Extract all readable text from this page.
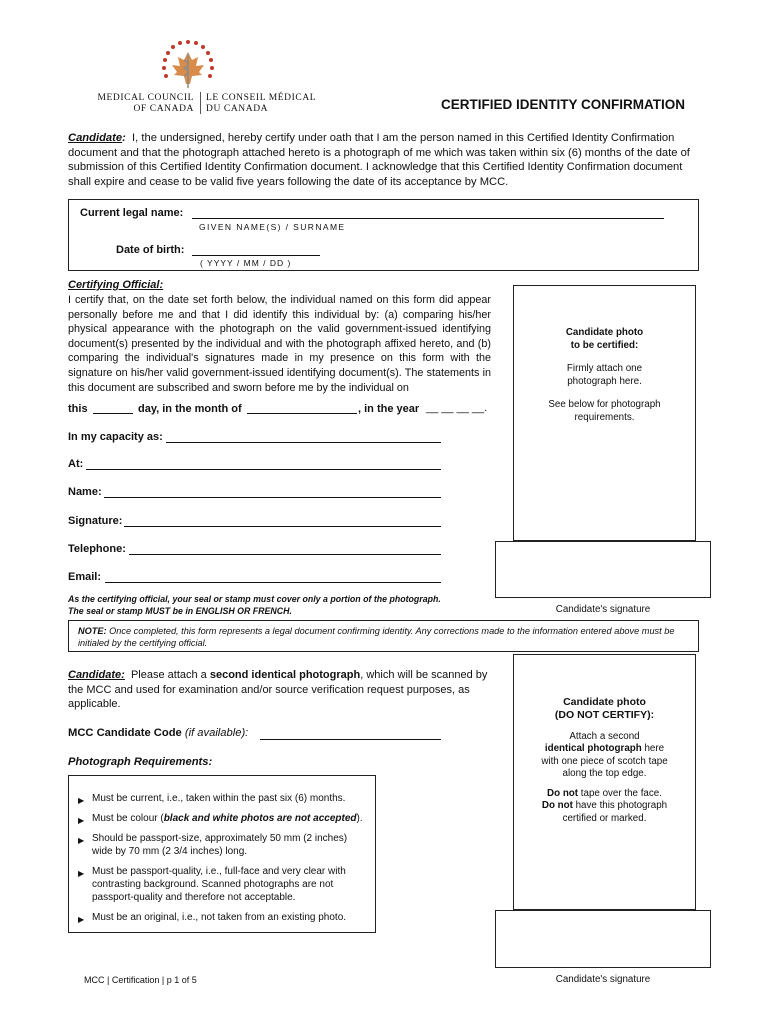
MEDICAL COUNCIL
OF CANADA
LE CONSEIL MÉDICAL
DU CANADA	CERTIFIED IDENTITY CONFIRMATION
Candidate: I, the undersigned, hereby certify under oath that I am the person named in this Certified Identity Confirmation document and that the photograph attached hereto is a photograph of me which was taken within six (6) months of the date of submission of this Certified Identity Confirmation document. I acknowledge that this Certified Identity Confirmation document shall expire and cease to be valid five years following the date of its acceptance by MCC.
Current legal name:
GIVEN NAME(S) / SURNAME
Date of birth:
( YYYY / MM / DD )
Certifying Official:
I certify that, on the date set forth below, the individual named on this form did appear personally before me and that I did identify this individual by: (a) comparing his/her physical appearance with the photograph on the valid government-issued identifying document(s) presented by the individual and with the photograph affixed hereto, and (b) comparing the individual's signatures made in my presence on this form with the signature on his/her valid government-issued identifying document(s). The statements in this document are subscribed and sworn before me by the individual on
this	day, in the month of	, in the year __ __ __ __.
In my capacity as:
At:
Name:
Signature:
Telephone:
Email:
As the certifying official, your seal or stamp must cover only a portion of the photograph.
The seal or stamp MUST be in ENGLISH OR FRENCH.
Candidate photo
to be certified:
Firmly attach one
photograph here.
See below for photograph
requirements.
Candidate's signature
NOTE: Once completed, this form represents a legal document confirming identity. Any corrections made to the information entered above must be initialed by the certifying official.
Candidate: Please attach a second identical photograph, which will be scanned by the MCC and used for examination and/or source verification request purposes, as applicable.
MCC Candidate Code (if available):
Photograph Requirements:
▶ Must be current, i.e., taken within the past six (6) months.
▶ Must be colour (black and white photos are not accepted).
▶ Should be passport-size, approximately 50 mm (2 inches) wide by 70 mm (2 3/4 inches) long.
▶ Must be passport-quality, i.e., full-face and very clear with contrasting background. Scanned photographs are not passport-quality and therefore not acceptable.
▶ Must be an original, i.e., not taken from an existing photo.
Candidate photo
(DO NOT CERTIFY):
Attach a second
identical photograph here
with one piece of scotch tape
along the top edge.
Do not tape over the face.
Do not have this photograph
certified or marked.
Candidate's signature
MCC | Certification | p 1 of 5
